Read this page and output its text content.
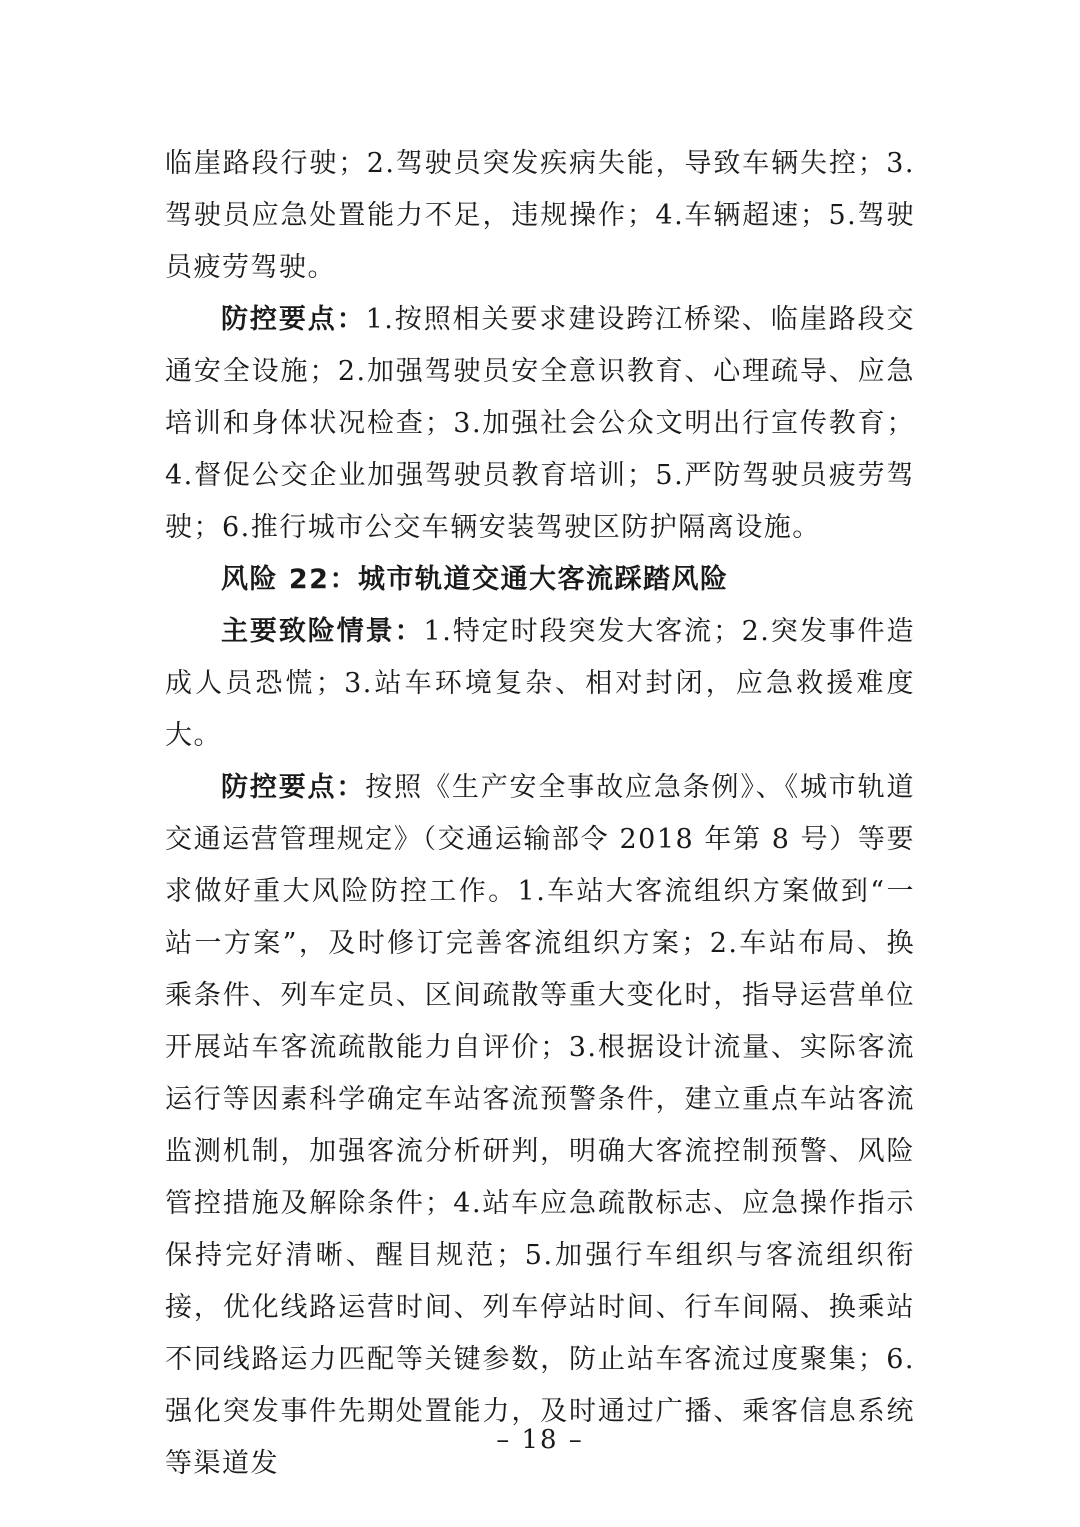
临崖路段行驶；2.驾驶员突发疾病失能，导致车辆失控；3.驾驶员应急处置能力不足，违规操作；4.车辆超速；5.驾驶员疲劳驾驶。

防控要点：1.按照相关要求建设跨江桥梁、临崖路段交通安全设施；2.加强驾驶员安全意识教育、心理疏导、应急培训和身体状况检查；3.加强社会公众文明出行宣传教育；4.督促公交企业加强驾驶员教育培训；5.严防驾驶员疲劳驾驶；6.推行城市公交车辆安装驾驶区防护隔离设施。

风险 22：城市轨道交通大客流踩踏风险

主要致险情景：1.特定时段突发大客流；2.突发事件造成人员恐慌；3.站车环境复杂、相对封闭，应急救援难度大。

防控要点：按照《生产安全事故应急条例》、《城市轨道交通运营管理规定》（交通运输部令 2018 年第 8 号）等要求做好重大风险防控工作。1.车站大客流组织方案做到“一站一方案”，及时修订完善客流组织方案；2.车站布局、换乘条件、列车定员、区间疏散等重大变化时，指导运营单位开展站车客流疏散能力自评价；3.根据设计流量、实际客流运行等因素科学确定车站客流预警条件，建立重点车站客流监测机制，加强客流分析研判，明确大客流控制预警、风险管控措施及解除条件；4.站车应急疏散标志、应急操作指示保持完好清晰、醒目规范；5.加强行车组织与客流组织衔接，优化线路运营时间、列车停站时间、行车间隔、换乘站不同线路运力匹配等关键参数，防止站车客流过度聚集；6.强化突发事件先期处置能力，及时通过广播、乘客信息系统等渠道发

– 18 –
